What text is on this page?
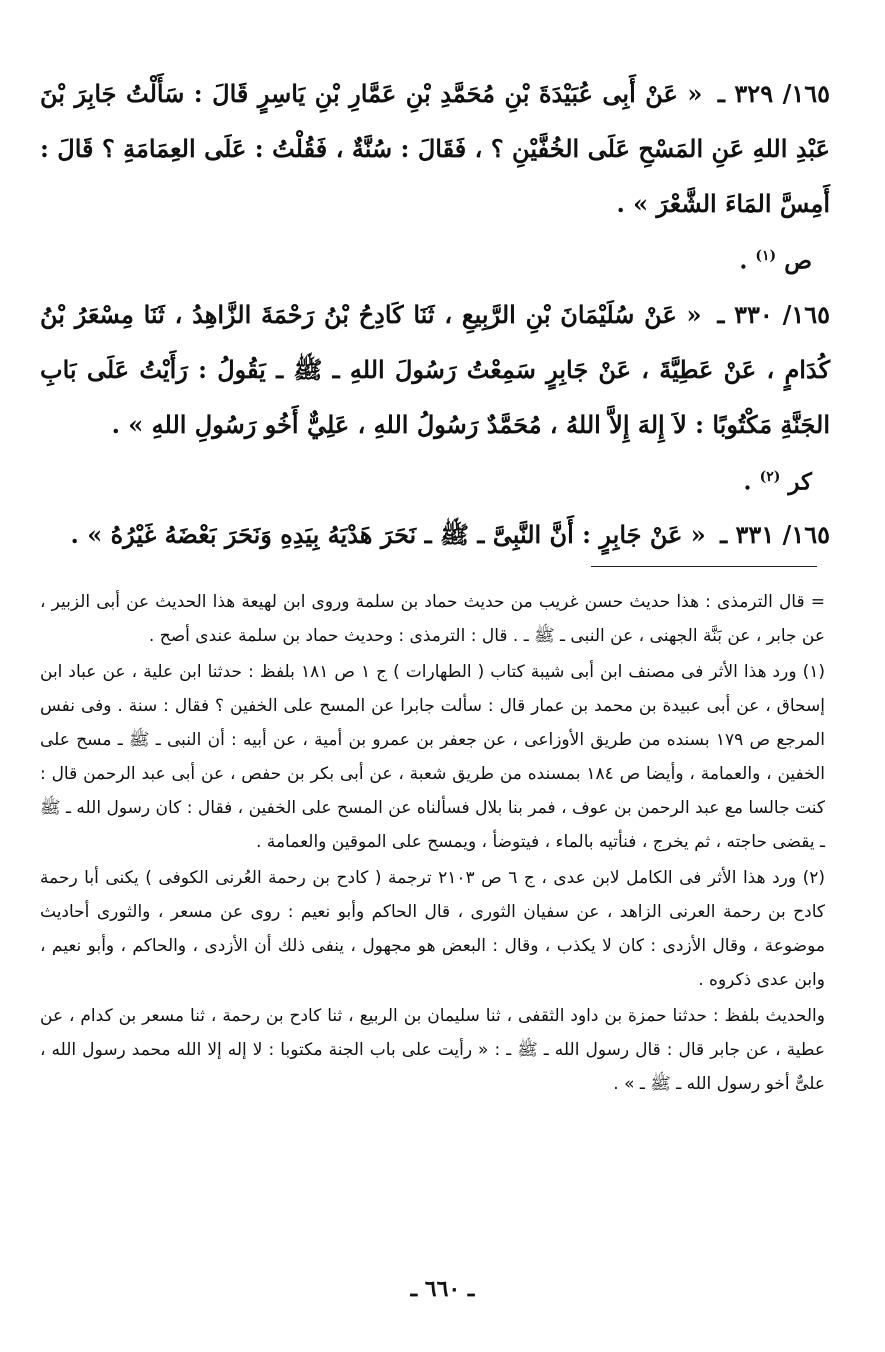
١٦٥/ ٣٢٩ ـ « عَنْ أَبِى عُبَيْدَةَ بْنِ مُحَمَّدِ بْنِ عَمَّارِ بْنِ يَاسِرٍ قَالَ : سَأَلْتُ جَابِرَ بْنَ عَبْدِ اللهِ عَنِ المَسْحِ عَلَى الخُفَّيْنِ ؟ ، فَقَالَ : سُنَّةٌ ، فَقُلْتُ : عَلَى العِمَامَةِ ؟ قَالَ : أَمِسَّ المَاءَ الشَّعْرَ » .

ص $^{(١)}$ .

١٦٥/ ٣٣٠ ـ « عَنْ سُلَيْمَانَ بْنِ الرَّبِيعِ ، ثَنَا كَادِحُ بْنُ رَحْمَةَ الزَّاهِدُ ، ثَنَا مِسْعَرُ بْنُ كُدَامٍ ، عَنْ عَطِيَّةَ ، عَنْ جَابِرٍ سَمِعْتُ رَسُولَ اللهِ ـ ﷺ ـ يَقُولُ : رَأَيْتُ عَلَى بَابِ الجَنَّةِ مَكْتُوبًا : لاَ إِلهَ إِلاَّ اللهُ ، مُحَمَّدٌ رَسُولُ اللهِ ، عَلِيٌّ أَخُو رَسُولِ اللهِ » .

كر $^{(٢)}$ .

١٦٥/ ٣٣١ ـ « عَنْ جَابِرٍ : أَنَّ النَّبِىَّ ـ ﷺ ـ نَحَرَ هَدْيَهُ بِيَدِهِ وَنَحَرَ بَعْضَهُ غَيْرُهُ » .

= قال الترمذى : هذا حديث حسن غريب من حديث حماد بن سلمة وروى ابن لهيعة هذا الحديث عن أبى الزبير ، عن جابر ، عن بَنَّة الجهنى ، عن النبى ـ ﷺ ـ . قال : الترمذى : وحديث حماد بن سلمة عندى أصح .

(١) ورد هذا الأثر فى مصنف ابن أبى شيبة كتاب ( الطهارات ) ج ١ ص ١٨١ بلفظ : حدثنا ابن علية ، عن عباد ابن إسحاق ، عن أبى عبيدة بن محمد بن عمار قال : سألت جابرا عن المسح على الخفين ؟ فقال : سنة . وفى نفس المرجع ص ١٧٩ بسنده من طريق الأوزاعى ، عن جعفر بن عمرو بن أمية ، عن أبيه : أن النبى ـ ﷺ ـ مسح على الخفين ، والعمامة ، وأيضا ص ١٨٤ بمسنده من طريق شعبة ، عن أبى بكر بن حفص ، عن أبى عبد الرحمن قال : كنت جالسا مع عبد الرحمن بن عوف ، فمر بنا بلال فسألناه عن المسح على الخفين ، فقال : كان رسول الله ـ ﷺ ـ يقضى حاجته ، ثم يخرج ، فنأتيه بالماء ، فيتوضأ ، ويمسح على الموقين والعمامة .

(٢) ورد هذا الأثر فى الكامل لابن عدى ، ج ٦ ص ٢١٠٣ ترجمة ( كادح بن رحمة العُرنى الكوفى ) يكنى أبا رحمة كادح بن رحمة العرنى الزاهد ، عن سفيان الثورى ، قال الحاكم وأبو نعيم : روى عن مسعر ، والثورى أحاديث موضوعة ، وقال الأزدى : كان لا يكذب ، وقال : البعض هو مجهول ، ينفى ذلك أن الأزدى ، والحاكم ، وأبو نعيم ، وابن عدى ذكروه .

والحديث بلفظ : حدثنا حمزة بن داود الثقفى ، ثنا سليمان بن الربيع ، ثنا كادح بن رحمة ، ثنا مسعر بن كدام ، عن عطية ، عن جابر قال : قال رسول الله ـ ﷺ ـ : « رأيت على باب الجنة مكتوبا : لا إله إلا الله محمد رسول الله ، علىٌّ أخو رسول الله ـ ﷺ ـ » .

ـ ٦٦٠ ـ
